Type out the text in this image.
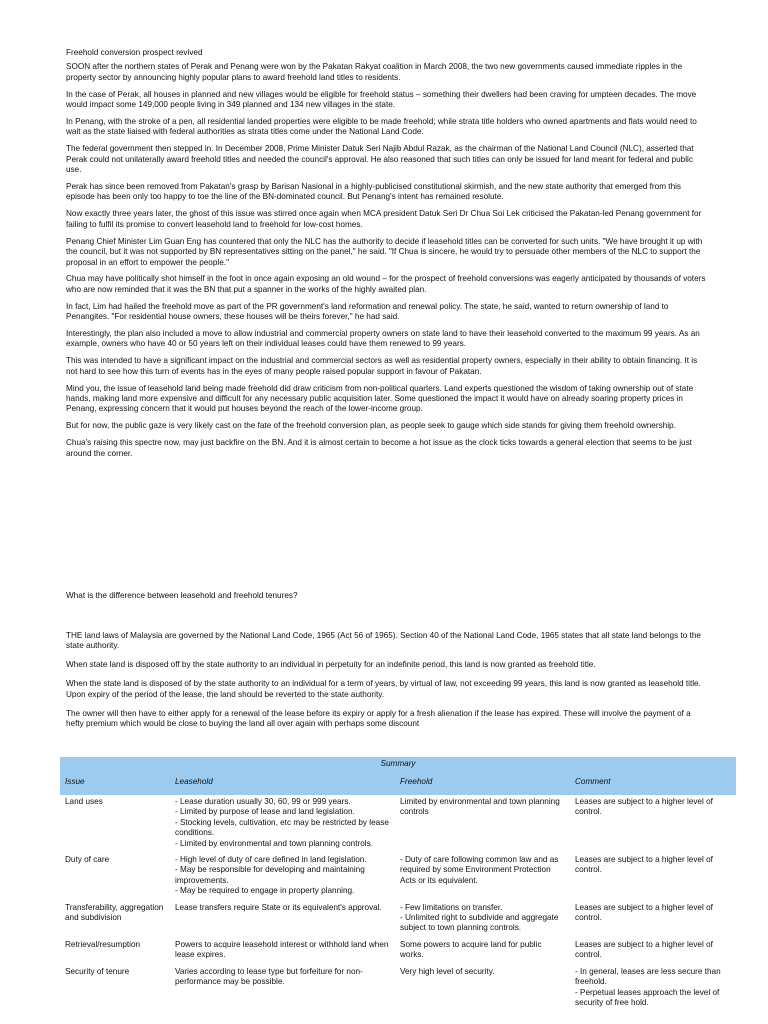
Freehold conversion prospect revived

SOON after the northern states of Perak and Penang were won by the Pakatan Rakyat coalition in March 2008, the two new governments caused immediate ripples in the property sector by announcing highly popular plans to award freehold land titles to residents.

In the case of Perak, all houses in planned and new villages would be eligible for freehold status – something their dwellers had been craving for umpteen decades. The move would impact some 149,000 people living in 349 planned and 134 new villages in the state.

In Penang, with the stroke of a pen, all residential landed properties were eligible to be made freehold; while strata title holders who owned apartments and flats would need to wait as the state liaised with federal authorities as strata titles come under the National Land Code.

The federal government then stepped in. In December 2008, Prime Minister Datuk Seri Najib Abdul Razak, as the chairman of the National Land Council (NLC), asserted that Perak could not unilaterally award freehold titles and needed the council's approval. He also reasoned that such titles can only be issued for land meant for federal and public use.

Perak has since been removed from Pakatan's grasp by Barisan Nasional in a highly-publicised constitutional skirmish, and the new state authority that emerged from this episode has been only too happy to toe the line of the BN-dominated council. But Penang's intent has remained resolute.

Now exactly three years later, the ghost of this issue was stirred once again when MCA president Datuk Seri Dr Chua Soi Lek criticised the Pakatan-led Penang government for failing to fulfil its promise to convert leasehold land to freehold for low-cost homes.

Penang Chief Minister Lim Guan Eng has countered that only the NLC has the authority to decide if leasehold titles can be converted for such units. "We have brought it up with the council, but it was not supported by BN representatives sitting on the panel," he said. "If Chua is sincere, he would try to persuade other members of the NLC to support the proposal in an effort to empower the people."

Chua may have politically shot himself in the foot in once again exposing an old wound – for the prospect of freehold conversions was eagerly anticipated by thousands of voters who are now reminded that it was the BN that put a spanner in the works of the highly awaited plan.

In fact, Lim had hailed the freehold move as part of the PR government's land reformation and renewal policy. The state, he said, wanted to return ownership of land to Penangites. "For residential house owners, these houses will be theirs forever," he had said.

Interestingly, the plan also included a move to allow industrial and commercial property owners on state land to have their leasehold converted to the maximum 99 years. As an example, owners who have 40 or 50 years left on their individual leases could have them renewed to 99 years.

This was intended to have a significant impact on the industrial and commercial sectors as well as residential property owners, especially in their ability to obtain financing. It is not hard to see how this turn of events has in the eyes of many people raised popular support in favour of Pakatan.

Mind you, the issue of leasehold land being made freehold did draw criticism from non-political quarters. Land experts questioned the wisdom of taking ownership out of state hands, making land more expensive and difficult for any necessary public acquisition later. Some questioned the impact it would have on already soaring property prices in Penang, expressing concern that it would put houses beyond the reach of the lower-income group.

But for now, the public gaze is very likely cast on the fate of the freehold conversion plan, as people seek to gauge which side stands for giving them freehold ownership.

Chua's raising this spectre now, may just backfire on the BN. And it is almost certain to become a hot issue as the clock ticks towards a general election that seems to be just around the corner.

What is the difference between leasehold and freehold tenures?

THE land laws of Malaysia are governed by the National Land Code, 1965 (Act 56 of 1965). Section 40 of the National Land Code, 1965 states that all state land belongs to the state authority.

When state land is disposed off by the state authority to an individual in perpetuity for an indefinite period, this land is now granted as freehold title.

When the state land is disposed of by the state authority to an individual for a term of years, by virtual of law, not exceeding 99 years, this land is now granted as leasehold title. Upon expiry of the period of the lease, the land should be reverted to the state authority.

The owner will then have to either apply for a renewal of the lease before its expiry or apply for a fresh alienation if the lease has expired. These will involve the payment of a hefty premium which would be close to buying the land all over again with perhaps some discount

Summary			
Issue	Leasehold	Freehold	Comment
Land uses	- Lease duration usually 30, 60, 99 or 999 years.
- Limited by purpose of lease and land legislation.
- Stocking levels, cultivation, etc may be restricted by lease conditions.
- Limited by environmental and town planning controls.	Limited by environmental and town planning controls	Leases are subject to a higher level of control.

Duty of care	- High level of duty of care defined in land legislation.
- May be responsible for developing and maintaining improvements.
- May be required to engage in property planning.	- Duty of care following common law and as required by some Environment Protection Acts or its equivalent.	Leases are subject to a higher level of control.

Transferability, aggregation and subdivision	Lease transfers require State or its equivalent's approval.	- Few limitations on transfer.
- Unlimited right to subdivide and aggregate subject to town planning controls.	Leases are subject to a higher level of control.

Retrieval/resumption	Powers to acquire leasehold interest or withhold land when lease expires.	Some powers to acquire land for public works.	Leases are subject to a higher level of control.

Security of tenure	Varies according to lease type but forfeiture for non-performance may be possible.	Very high level of security.	- In general, leases are less secure than freehold.
- Perpetual leases approach the level of security of free hold.
